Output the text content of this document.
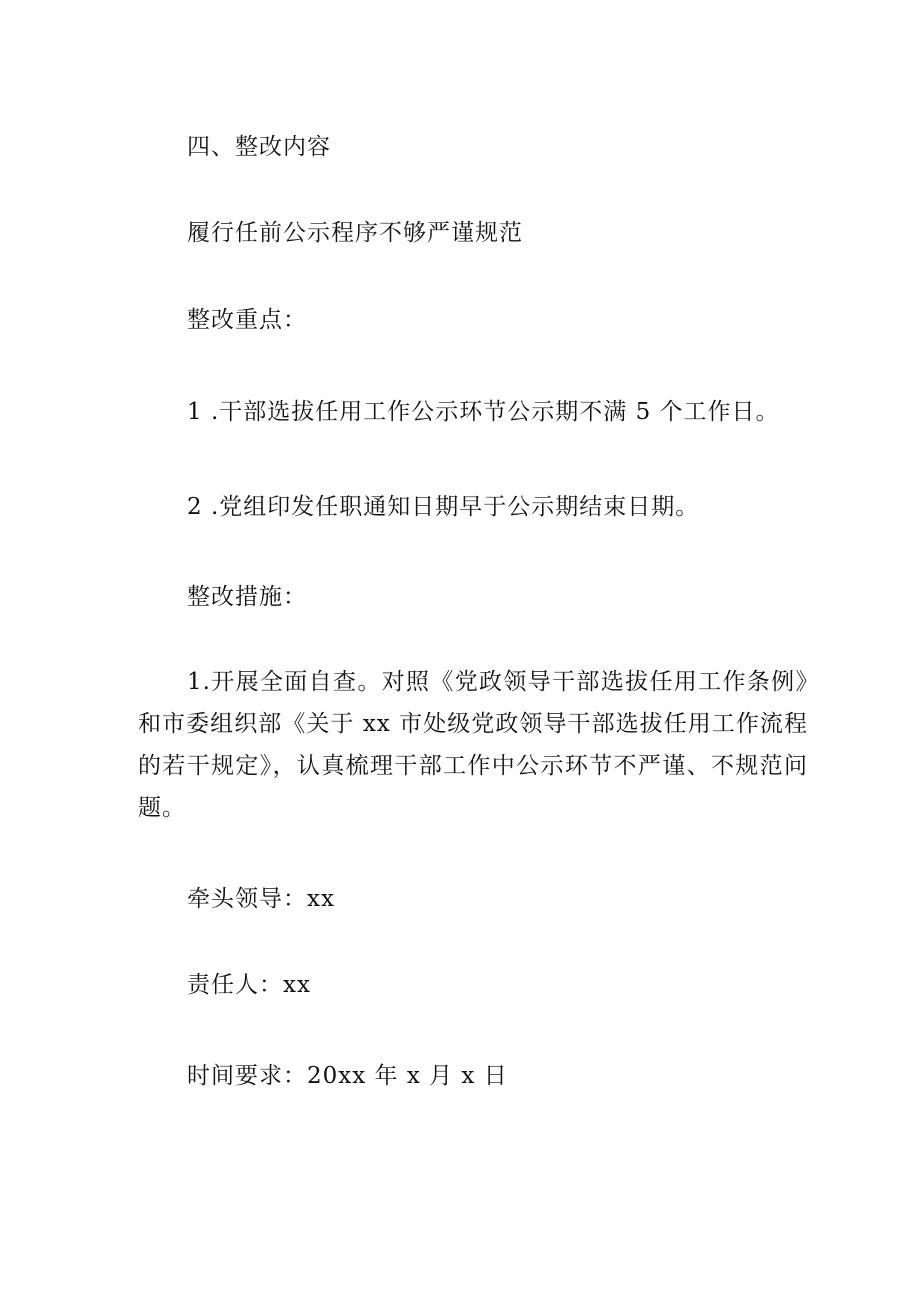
四、整改内容
履行任前公示程序不够严谨规范
整改重点：
1 .干部选拔任用工作公示环节公示期不满 5 个工作日。
2 .党组印发任职通知日期早于公示期结束日期。
整改措施：
1.开展全面自查。对照《党政领导干部选拔任用工作条例》和市委组织部《关于 xx 市处级党政领导干部选拔任用工作流程的若干规定》，认真梳理干部工作中公示环节不严谨、不规范问题。
牵头领导：xx
责任人：xx
时间要求：20xx 年 x 月 x 日
